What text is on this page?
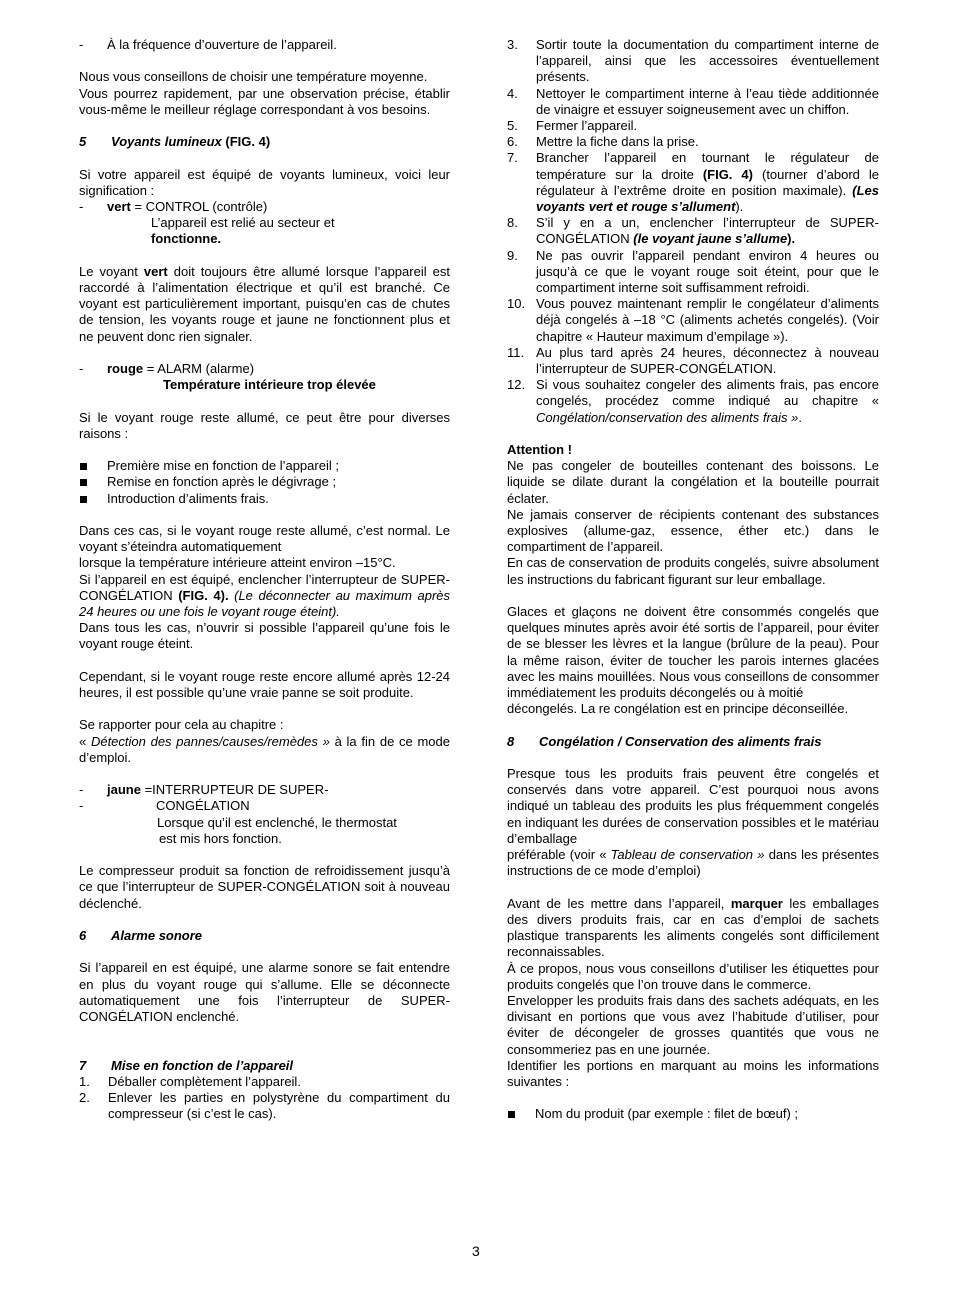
-	À la fréquence d’ouverture de l’appareil.

Nous vous conseillons de choisir une température moyenne.

Vous pourrez rapidement, par une observation précise, établir vous-même le meilleur réglage correspondant à vos besoins.

5	Voyants lumineux (FIG. 4)

Si votre appareil est équipé de voyants lumineux, voici leur signification :

-	vert = CONTROL (contrôle)
L’appareil est relié au secteur et
fonctionne.

Le voyant vert doit toujours être allumé lorsque l’appareil est raccordé à l’alimentation électrique et qu’il est branché. Ce voyant est particulièrement important, puisqu’en cas de chutes de tension, les voyants rouge et jaune ne fonctionnent plus et ne peuvent donc rien signaler.

-	rouge = ALARM (alarme)
Température intérieure trop élevée

Si le voyant rouge reste allumé, ce peut être pour diverses raisons :

Première mise en fonction de l’appareil ;
Remise en fonction après le dégivrage ;
Introduction d’aliments frais.

Dans ces cas, si le voyant rouge reste allumé, c’est normal. Le voyant s’éteindra automatiquement

lorsque la température intérieure atteint environ –15°C.

Si l’appareil en est équipé, enclencher l’interrupteur de SUPER-CONGÉLATION (FIG. 4). (Le déconnecter au maximum après 24 heures ou une fois le voyant rouge éteint).

Dans tous les cas, n’ouvrir si possible l’appareil qu’une fois le voyant rouge éteint.

Cependant, si le voyant rouge reste encore allumé après 12-24 heures, il est possible qu’une vraie panne se soit produite.

Se rapporter pour cela au chapitre :

« Détection des pannes/causes/remèdes » à la fin de ce mode d’emploi.

-	jaune =INTERRUPTEUR DE SUPER-
-	CONGÉLATION
Lorsque qu’il est enclenché, le thermostat
est mis hors fonction.

Le compresseur produit sa fonction de refroidissement jusqu’à ce que l’interrupteur de SUPER-CONGÉLATION soit à nouveau déclenché.

6	Alarme sonore

Si l’appareil en est équipé, une alarme sonore se fait entendre en plus du voyant rouge qui s’allume. Elle se déconnecte automatiquement une fois l’interrupteur de SUPER-CONGÉLATION enclenché.

7	Mise en fonction de l’appareil
1.	Déballer complètement l’appareil.
2.	Enlever les parties en polystyrène du compartiment du compresseur (si c’est le cas).
3.	Sortir toute la documentation du compartiment interne de l’appareil, ainsi que les accessoires éventuellement présents.
4.	Nettoyer le compartiment interne à l’eau tiède additionnée de vinaigre et essuyer soigneusement avec un chiffon.
5.	Fermer l’appareil.
6.	Mettre la fiche dans la prise.
7.	Brancher l’appareil en tournant le régulateur de température sur la droite (FIG. 4) (tourner d’abord le régulateur à l’extrême droite en position maximale). (Les voyants vert et rouge s’allument).
8.	S’il y en a un, enclencher l’interrupteur de SUPER-CONGÉLATION (le voyant jaune s’allume).
9.	Ne pas ouvrir l’appareil pendant environ 4 heures ou jusqu’à ce que le voyant rouge soit éteint, pour que le compartiment interne soit suffisamment refroidi.
10. Vous pouvez maintenant remplir le congélateur d’aliments déjà congelés à –18 °C (aliments achetés congelés). (Voir chapitre « Hauteur maximum d’empilage »).
11. Au plus tard après 24 heures, déconnectez à nouveau l’interrupteur de SUPER-CONGÉLATION.
12. Si vous souhaitez congeler des aliments frais, pas encore congelés, procédez comme indiqué au chapitre « Congélation/conservation des aliments frais ».

Attention !

Ne pas congeler de bouteilles contenant des boissons. Le liquide se dilate durant la congélation et la bouteille pourrait éclater.

Ne jamais conserver de récipients contenant des substances explosives (allume-gaz, essence, éther etc.) dans le compartiment de l’appareil.

En cas de conservation de produits congelés, suivre absolument les instructions du fabricant figurant sur leur emballage.

Glaces et glaçons ne doivent être consommés congelés que quelques minutes après avoir été sortis de l’appareil, pour éviter de se blesser les lèvres et la langue (brûlure de la peau). Pour la même raison, éviter de toucher les parois internes glacées avec les mains mouillées. Nous vous conseillons de consommer immédiatement les produits décongelés ou à moitié

décongelés. La re congélation est en principe déconseillée.

8	Congélation / Conservation des aliments frais

Presque tous les produits frais peuvent être congelés et conservés dans votre appareil. C’est pourquoi nous avons indiqué un tableau des produits les plus fréquemment congelés en indiquant les durées de conservation possibles et le matériau d’emballage

préférable (voir « Tableau de conservation » dans les présentes instructions de ce mode d’emploi)

Avant de les mettre dans l’appareil, marquer les emballages des divers produits frais, car en cas d’emploi de sachets plastique transparents les aliments congelés sont difficilement reconnaissables.

À ce propos, nous vous conseillons d’utiliser les étiquettes pour produits congelés que l’on trouve dans le commerce.

Envelopper les produits frais dans des sachets adéquats, en les divisant en portions que vous avez l’habitude d’utiliser, pour éviter de décongeler de grosses quantités que vous ne consommeriez pas en une journée.

Identifier les portions en marquant au moins les informations suivantes :

Nom du produit (par exemple : filet de bœuf) ;
3
